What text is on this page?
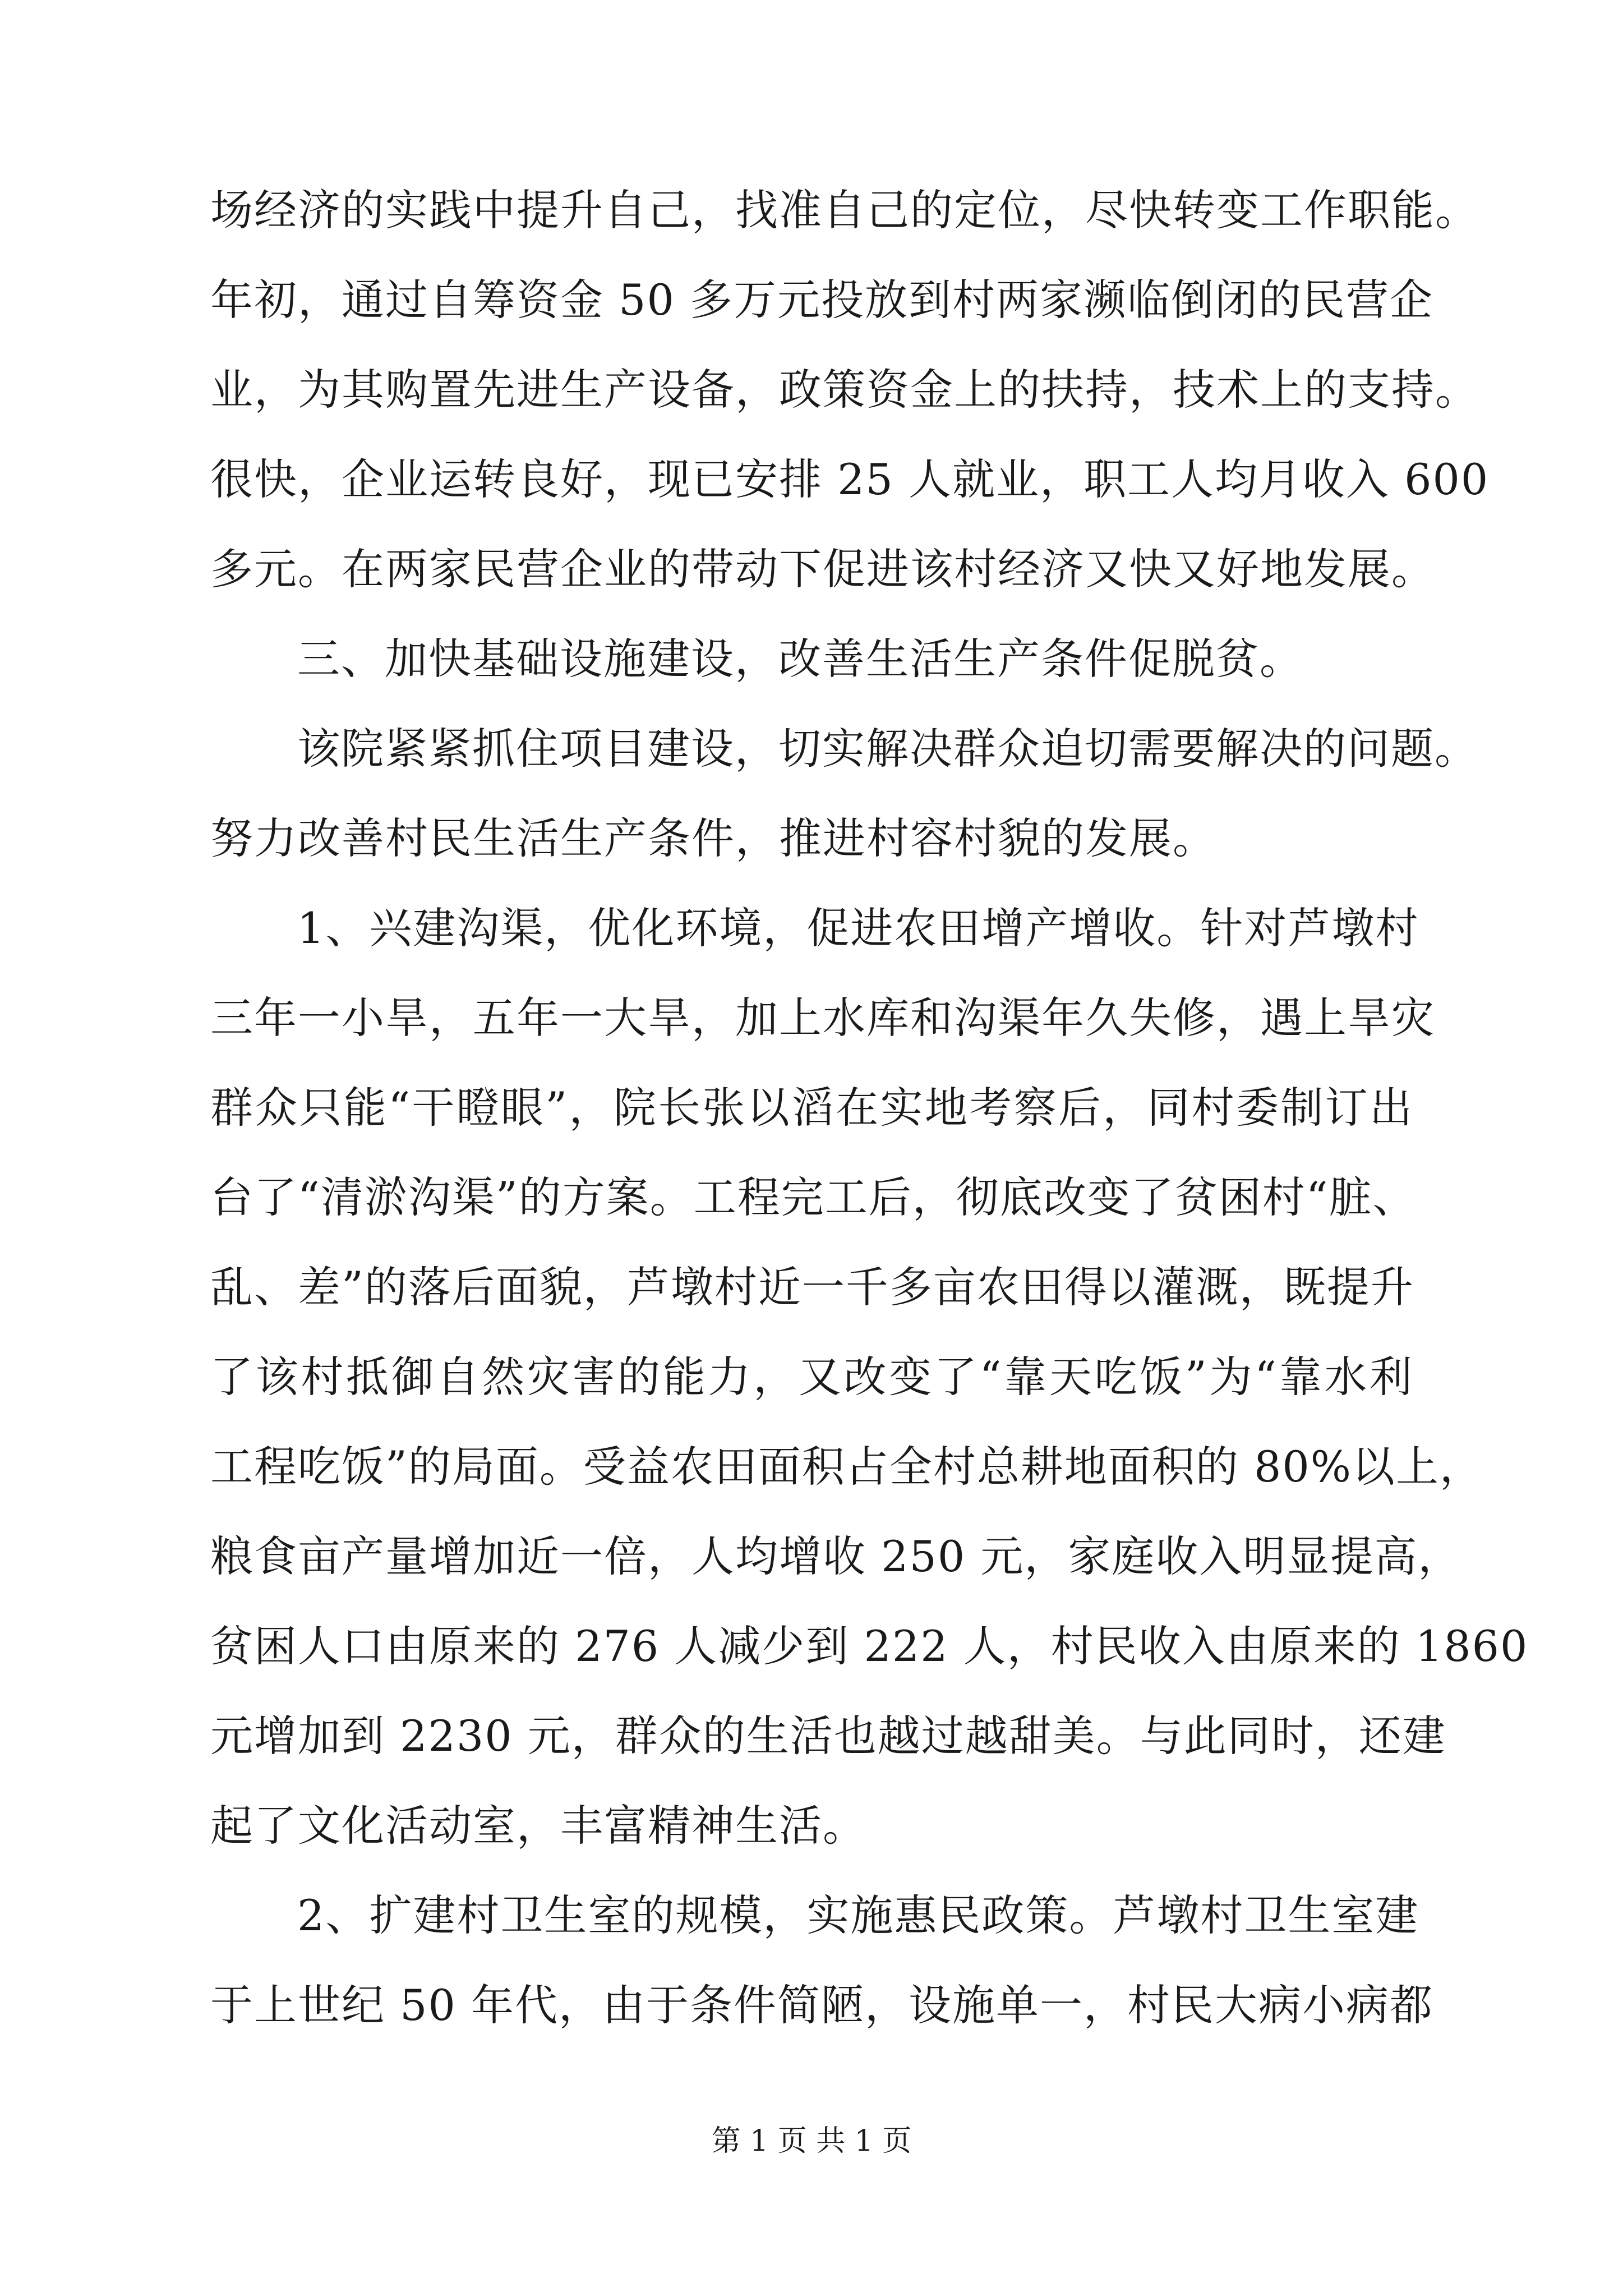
场经济的实践中提升自己，找准自己的定位，尽快转变工作职能。
年初，通过自筹资金 50 多万元投放到村两家濒临倒闭的民营企
业，为其购置先进生产设备，政策资金上的扶持，技术上的支持。
很快，企业运转良好，现已安排 25 人就业，职工人均月收入 600
多元。在两家民营企业的带动下促进该村经济又快又好地发展。
三、加快基础设施建设，改善生活生产条件促脱贫。
该院紧紧抓住项目建设，切实解决群众迫切需要解决的问题。
努力改善村民生活生产条件，推进村容村貌的发展。
1、兴建沟渠，优化环境，促进农田增产增收。针对芦墩村
三年一小旱，五年一大旱，加上水库和沟渠年久失修，遇上旱灾
群众只能“干瞪眼”，院长张以滔在实地考察后，同村委制订出
台了“清淤沟渠”的方案。工程完工后，彻底改变了贫困村“脏、
乱、差”的落后面貌，芦墩村近一千多亩农田得以灌溉，既提升
了该村抵御自然灾害的能力，又改变了“靠天吃饭”为“靠水利
工程吃饭”的局面。受益农田面积占全村总耕地面积的 80%以上，
粮食亩产量增加近一倍，人均增收 250 元，家庭收入明显提高，
贫困人口由原来的 276 人减少到 222 人，村民收入由原来的 1860
元增加到 2230 元，群众的生活也越过越甜美。与此同时，还建
起了文化活动室，丰富精神生活。
2、扩建村卫生室的规模，实施惠民政策。芦墩村卫生室建
于上世纪 50 年代，由于条件简陋，设施单一，村民大病小病都
第 1 页 共 1 页
